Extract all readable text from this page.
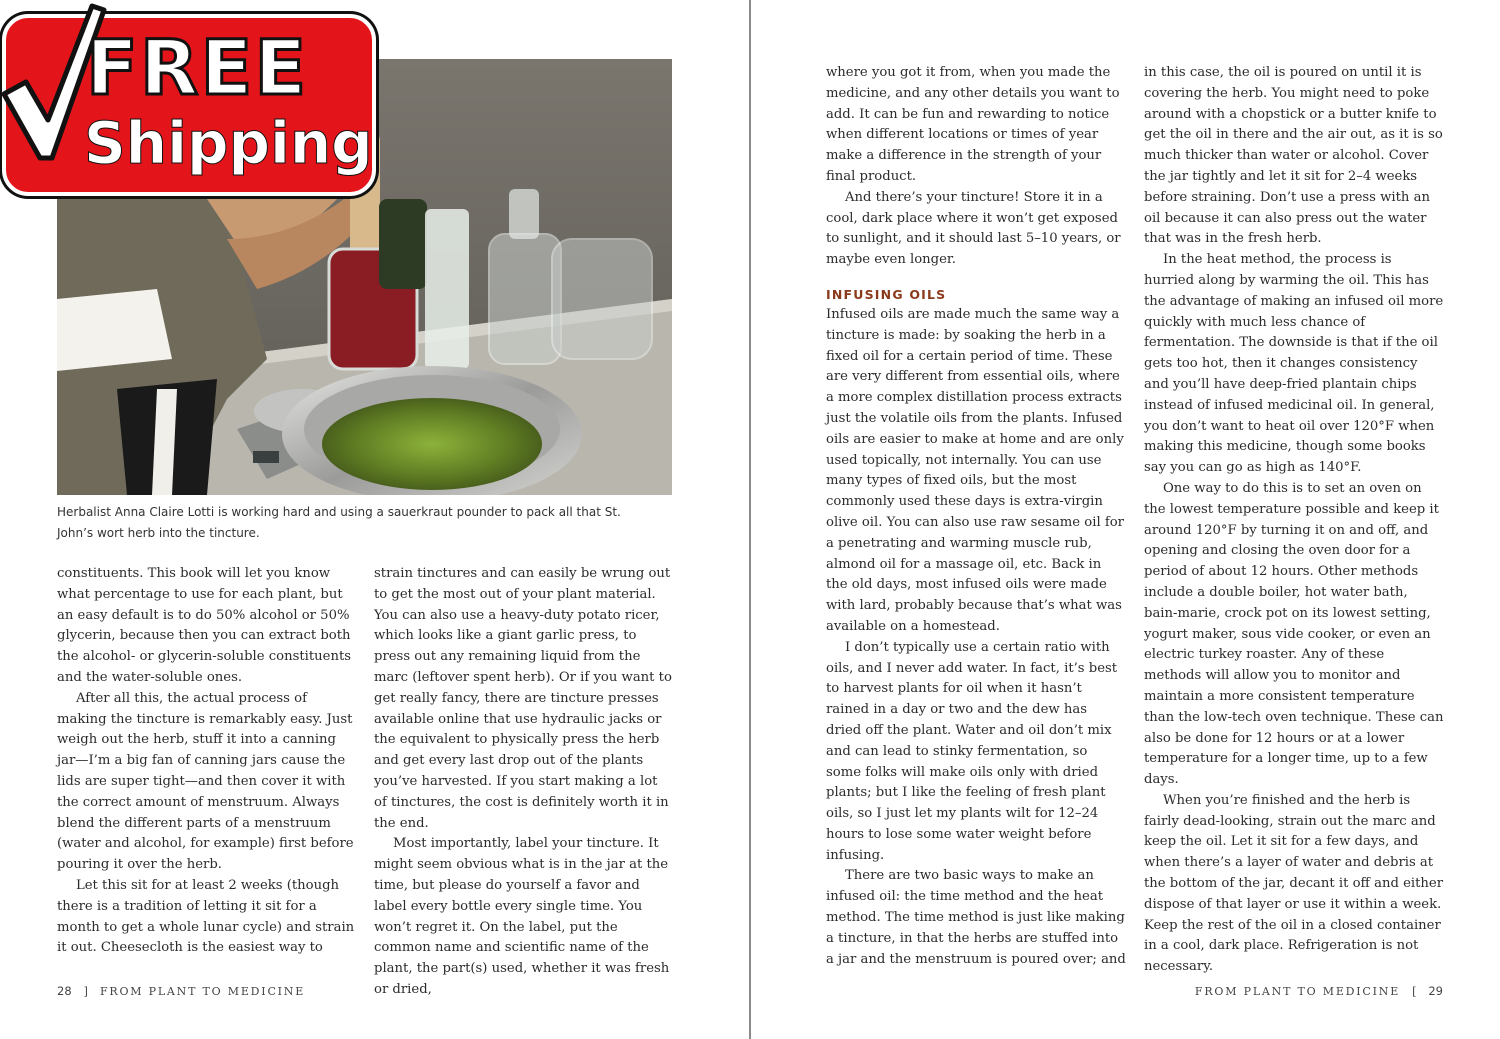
Herbalist Anna Claire Lotti is working hard and using a sauerkraut pounder to pack all that St. John’s wort herb into the tincture.

constituents. This book will let you know what percentage to use for each plant, but an easy default is to do 50% alcohol or 50% glycerin, because then you can extract both the alcohol- or glycerin-soluble constituents and the water-soluble ones.

After all this, the actual process of making the tincture is remarkably easy. Just weigh out the herb, stuff it into a canning jar—I’m a big fan of canning jars cause the lids are super tight—and then cover it with the correct amount of menstruum. Always blend the different parts of a menstruum (water and alcohol, for example) first before pouring it over the herb.

Let this sit for at least 2 weeks (though there is a tradition of letting it sit for a month to get a whole lunar cycle) and strain it out. Cheesecloth is the easiest way to

strain tinctures and can easily be wrung out to get the most out of your plant material. You can also use a heavy-duty potato ricer, which looks like a giant garlic press, to press out any remaining liquid from the marc (leftover spent herb). Or if you want to get really fancy, there are tincture presses available online that use hydraulic jacks or the equivalent to physically press the herb and get every last drop out of the plants you’ve harvested. If you start making a lot of tinctures, the cost is definitely worth it in the end.

Most importantly, label your tincture. It might seem obvious what is in the jar at the time, but please do yourself a favor and label every bottle every single time. You won’t regret it. On the label, put the common name and scientific name of the plant, the part(s) used, whether it was fresh or dried,

28 ] FROM PLANT TO MEDICINE
FREE
Shipping

where you got it from, when you made the medicine, and any other details you want to add. It can be fun and rewarding to notice when different locations or times of year make a difference in the strength of your final product.

And there’s your tincture! Store it in a cool, dark place where it won’t get exposed to sunlight, and it should last 5–10 years, or maybe even longer.

INFUSING OILS

Infused oils are made much the same way a tincture is made: by soaking the herb in a fixed oil for a certain period of time. These are very different from essential oils, where a more complex distillation process extracts just the volatile oils from the plants. Infused oils are easier to make at home and are only used topically, not internally. You can use many types of fixed oils, but the most commonly used these days is extra-virgin olive oil. You can also use raw sesame oil for a penetrating and warming muscle rub, almond oil for a massage oil, etc. Back in the old days, most infused oils were made with lard, probably because that’s what was available on a homestead.

I don’t typically use a certain ratio with oils, and I never add water. In fact, it’s best to harvest plants for oil when it hasn’t rained in a day or two and the dew has dried off the plant. Water and oil don’t mix and can lead to stinky fermentation, so some folks will make oils only with dried plants; but I like the feeling of fresh plant oils, so I just let my plants wilt for 12–24 hours to lose some water weight before infusing.

There are two basic ways to make an infused oil: the time method and the heat method. The time method is just like making a tincture, in that the herbs are stuffed into a jar and the menstruum is poured over; and

in this case, the oil is poured on until it is covering the herb. You might need to poke around with a chopstick or a butter knife to get the oil in there and the air out, as it is so much thicker than water or alcohol. Cover the jar tightly and let it sit for 2–4 weeks before straining. Don’t use a press with an oil because it can also press out the water that was in the fresh herb.

In the heat method, the process is hurried along by warming the oil. This has the advantage of making an infused oil more quickly with much less chance of fermentation. The downside is that if the oil gets too hot, then it changes consistency and you’ll have deep-fried plantain chips instead of infused medicinal oil. In general, you don’t want to heat oil over 120°F when making this medicine, though some books say you can go as high as 140°F.

One way to do this is to set an oven on the lowest temperature possible and keep it around 120°F by turning it on and off, and opening and closing the oven door for a period of about 12 hours. Other methods include a double boiler, hot water bath, bain-marie, crock pot on its lowest setting, yogurt maker, sous vide cooker, or even an electric turkey roaster. Any of these methods will allow you to monitor and maintain a more consistent temperature than the low-tech oven technique. These can also be done for 12 hours or at a lower temperature for a longer time, up to a few days.

When you’re finished and the herb is fairly dead-looking, strain out the marc and keep the oil. Let it sit for a few days, and when there’s a layer of water and debris at the bottom of the jar, decant it off and either dispose of that layer or use it within a week. Keep the rest of the oil in a closed container in a cool, dark place. Refrigeration is not necessary.

FROM PLANT TO MEDICINE [ 29
